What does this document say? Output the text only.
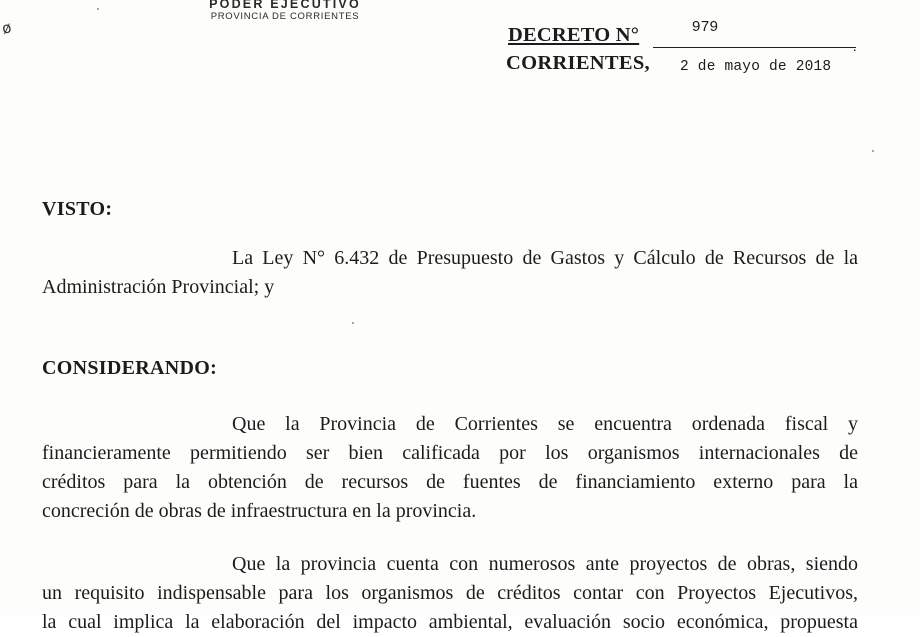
ø
PODER EJECUTIVO
PROVINCIA DE CORRIENTES
DECRETO N°	979
.
CORRIENTES, 2 de mayo de 2018
VISTO:
La Ley N° 6.432 de Presupuesto de Gastos y Cálculo de Recursos de la
Administración Provincial; y
CONSIDERANDO:
Que la Provincia de Corrientes se encuentra ordenada fiscal y
financieramente permitiendo ser bien calificada por los organismos internacionales de
créditos para la obtención de recursos de fuentes de financiamiento externo para la
concreción de obras de infraestructura en la provincia.
Que la provincia cuenta con numerosos ante proyectos de obras, siendo
un requisito indispensable para los organismos de créditos contar con Proyectos Ejecutivos,
la cual implica la elaboración del impacto ambiental, evaluación socio económica, propuesta
